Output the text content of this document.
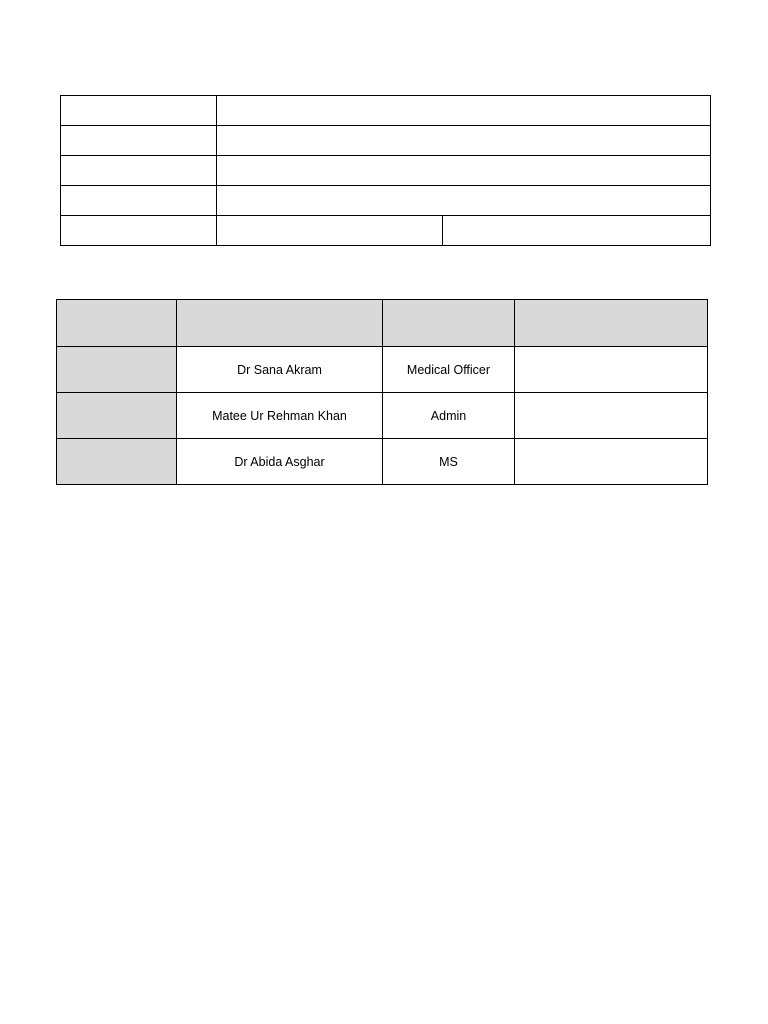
	Dr Sana Akram	Medical Officer	
	Matee Ur Rehman Khan	Admin	
	Dr Abida Asghar	MS	
